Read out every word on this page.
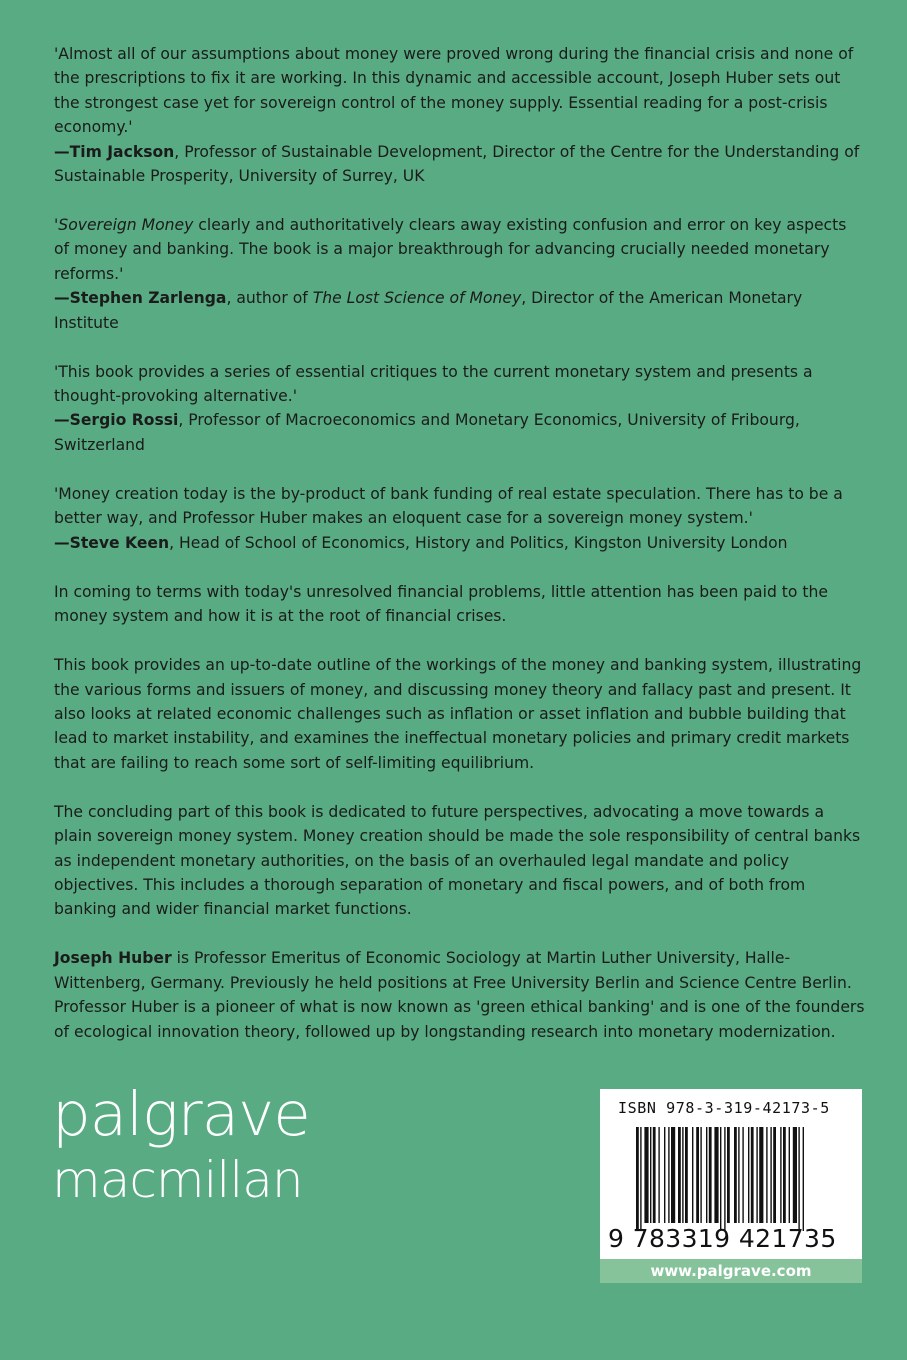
'Almost all of our assumptions about money were proved wrong during the financial crisis and none of the prescriptions to fix it are working. In this dynamic and accessible account, Joseph Huber sets out the strongest case yet for sovereign control of the money supply. Essential reading for a post-crisis economy.'
—Tim Jackson, Professor of Sustainable Development, Director of the Centre for the Understanding of Sustainable Prosperity, University of Surrey, UK

'Sovereign Money clearly and authoritatively clears away existing confusion and error on key aspects of money and banking. The book is a major breakthrough for advancing crucially needed monetary reforms.'
—Stephen Zarlenga, author of The Lost Science of Money, Director of the American Monetary Institute

'This book provides a series of essential critiques to the current monetary system and presents a thought-provoking alternative.'
—Sergio Rossi, Professor of Macroeconomics and Monetary Economics, University of Fribourg, Switzerland

'Money creation today is the by-product of bank funding of real estate speculation. There has to be a better way, and Professor Huber makes an eloquent case for a sovereign money system.'
—Steve Keen, Head of School of Economics, History and Politics, Kingston University London

In coming to terms with today's unresolved financial problems, little attention has been paid to the money system and how it is at the root of financial crises.

This book provides an up-to-date outline of the workings of the money and banking system, illustrating the various forms and issuers of money, and discussing money theory and fallacy past and present. It also looks at related economic challenges such as inflation or asset inflation and bubble building that lead to market instability, and examines the ineffectual monetary policies and primary credit markets that are failing to reach some sort of self-limiting equilibrium.

The concluding part of this book is dedicated to future perspectives, advocating a move towards a plain sovereign money system. Money creation should be made the sole responsibility of central banks as independent monetary authorities, on the basis of an overhauled legal mandate and policy objectives. This includes a thorough separation of monetary and fiscal powers, and of both from banking and wider financial market functions.

Joseph Huber is Professor Emeritus of Economic Sociology at Martin Luther University, Halle-Wittenberg, Germany. Previously he held positions at Free University Berlin and Science Centre Berlin. Professor Huber is a pioneer of what is now known as 'green ethical banking' and is one of the founders of ecological innovation theory, followed up by longstanding research into monetary modernization.

palgrave
macmillan
ISBN 978-3-319-42173-5
9 783319 421735
www.palgrave.com
